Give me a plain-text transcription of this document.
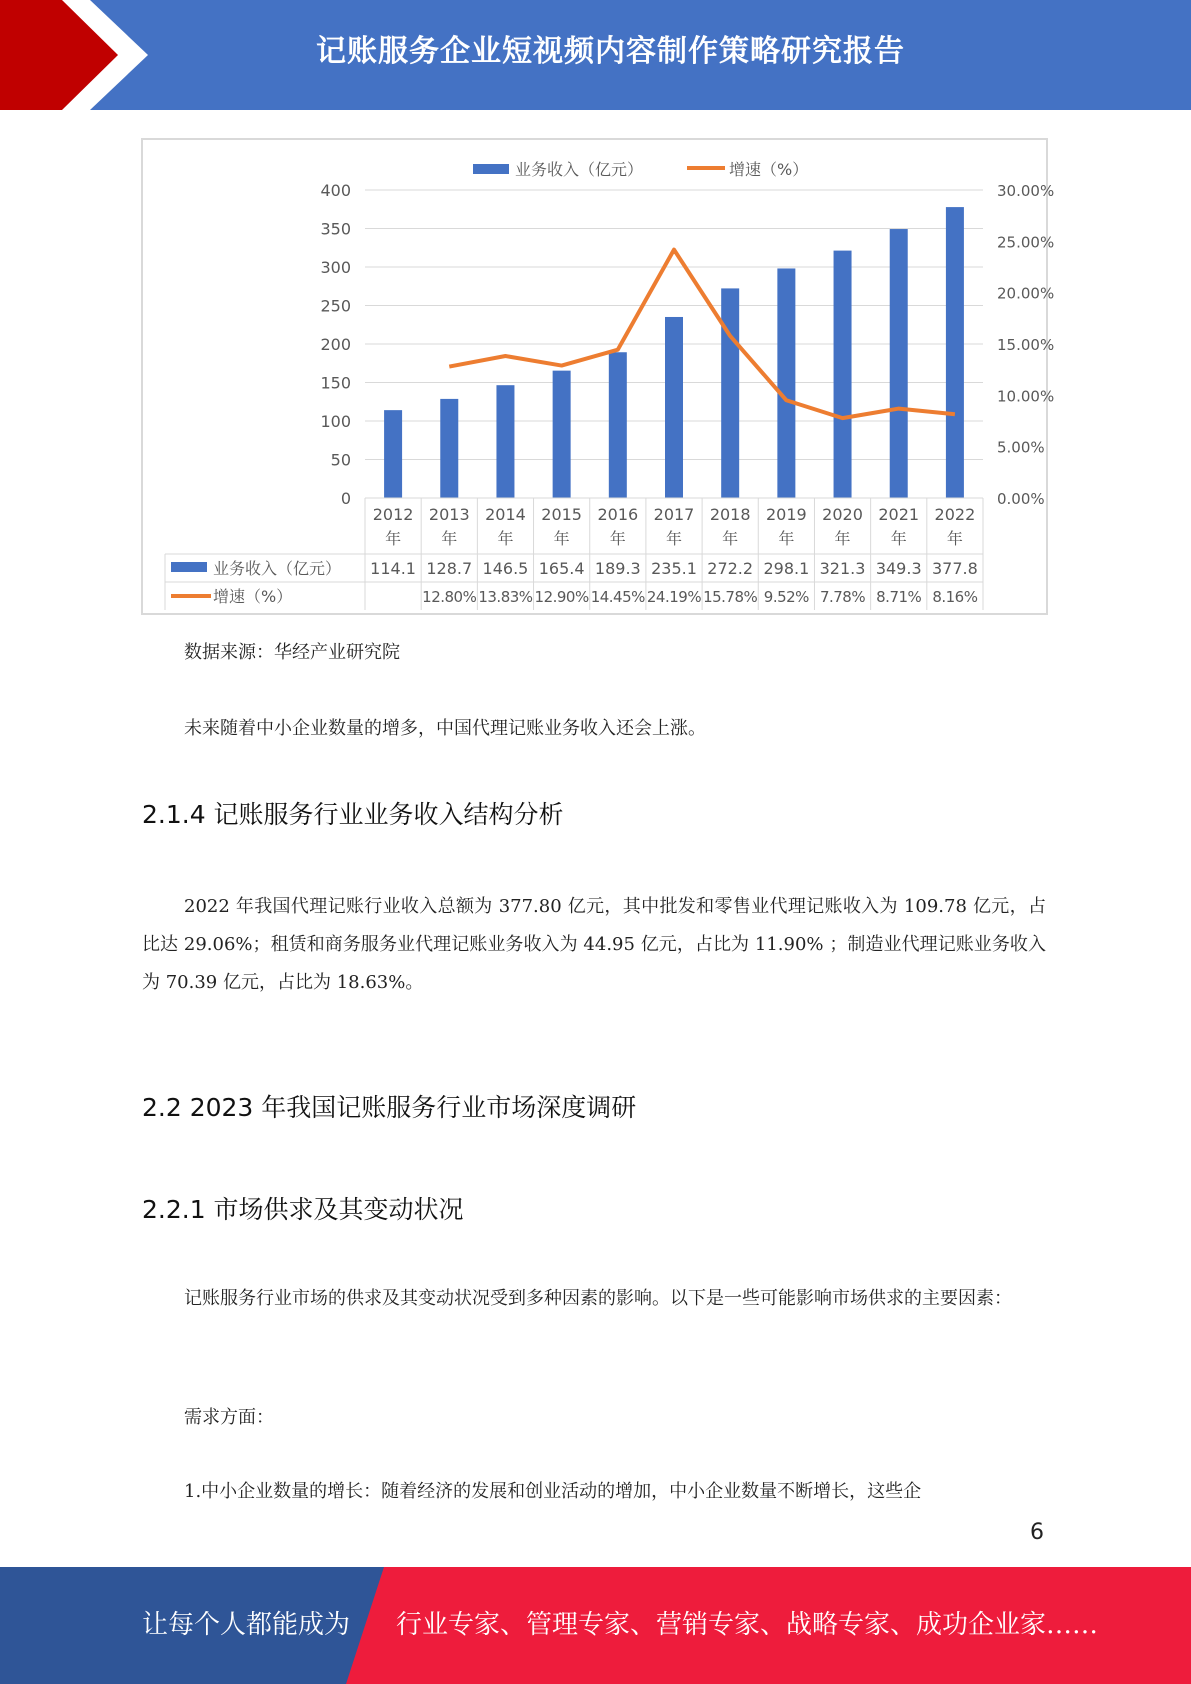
记账服务企业短视频内容制作策略研究报告
0
50
100
150
200
250
300
350
400
0.00%
5.00%
10.00%
15.00%
20.00%
25.00%
30.00%
2012
年
114.1
2013
年
128.7
12.80%
2014
年
146.5
13.83%
2015
年
165.4
12.90%
2016
年
189.3
14.45%
2017
年
235.1
24.19%
2018
年
272.2
15.78%
2019
年
298.1
9.52%
2020
年
321.3
7.78%
2021
年
349.3
8.71%
2022
年
377.8
8.16%
业务收入（亿元）
增速（%）
业务收入（亿元）	增速（%）
数据来源：华经产业研究院
未来随着中小企业数量的增多，中国代理记账业务收入还会上涨。
2.1.4 记账服务行业业务收入结构分析
2022 年我国代理记账行业收入总额为 377.80 亿元，其中批发和零售业代理记账收入为 109.78 亿元，占比达 29.06%；租赁和商务服务业代理记账业务收入为 44.95 亿元，占比为 11.90% ；制造业代理记账业务收入为 70.39 亿元，占比为 18.63%。
2.2 2023 年我国记账服务行业市场深度调研
2.2.1 市场供求及其变动状况
记账服务行业市场的供求及其变动状况受到多种因素的影响。以下是一些可能影响市场供求的主要因素：
需求方面：
1.中小企业数量的增长：随着经济的发展和创业活动的增加，中小企业数量不断增长，这些企
6
让每个人都能成为 行业专家、管理专家、营销专家、战略专家、成功企业家……
